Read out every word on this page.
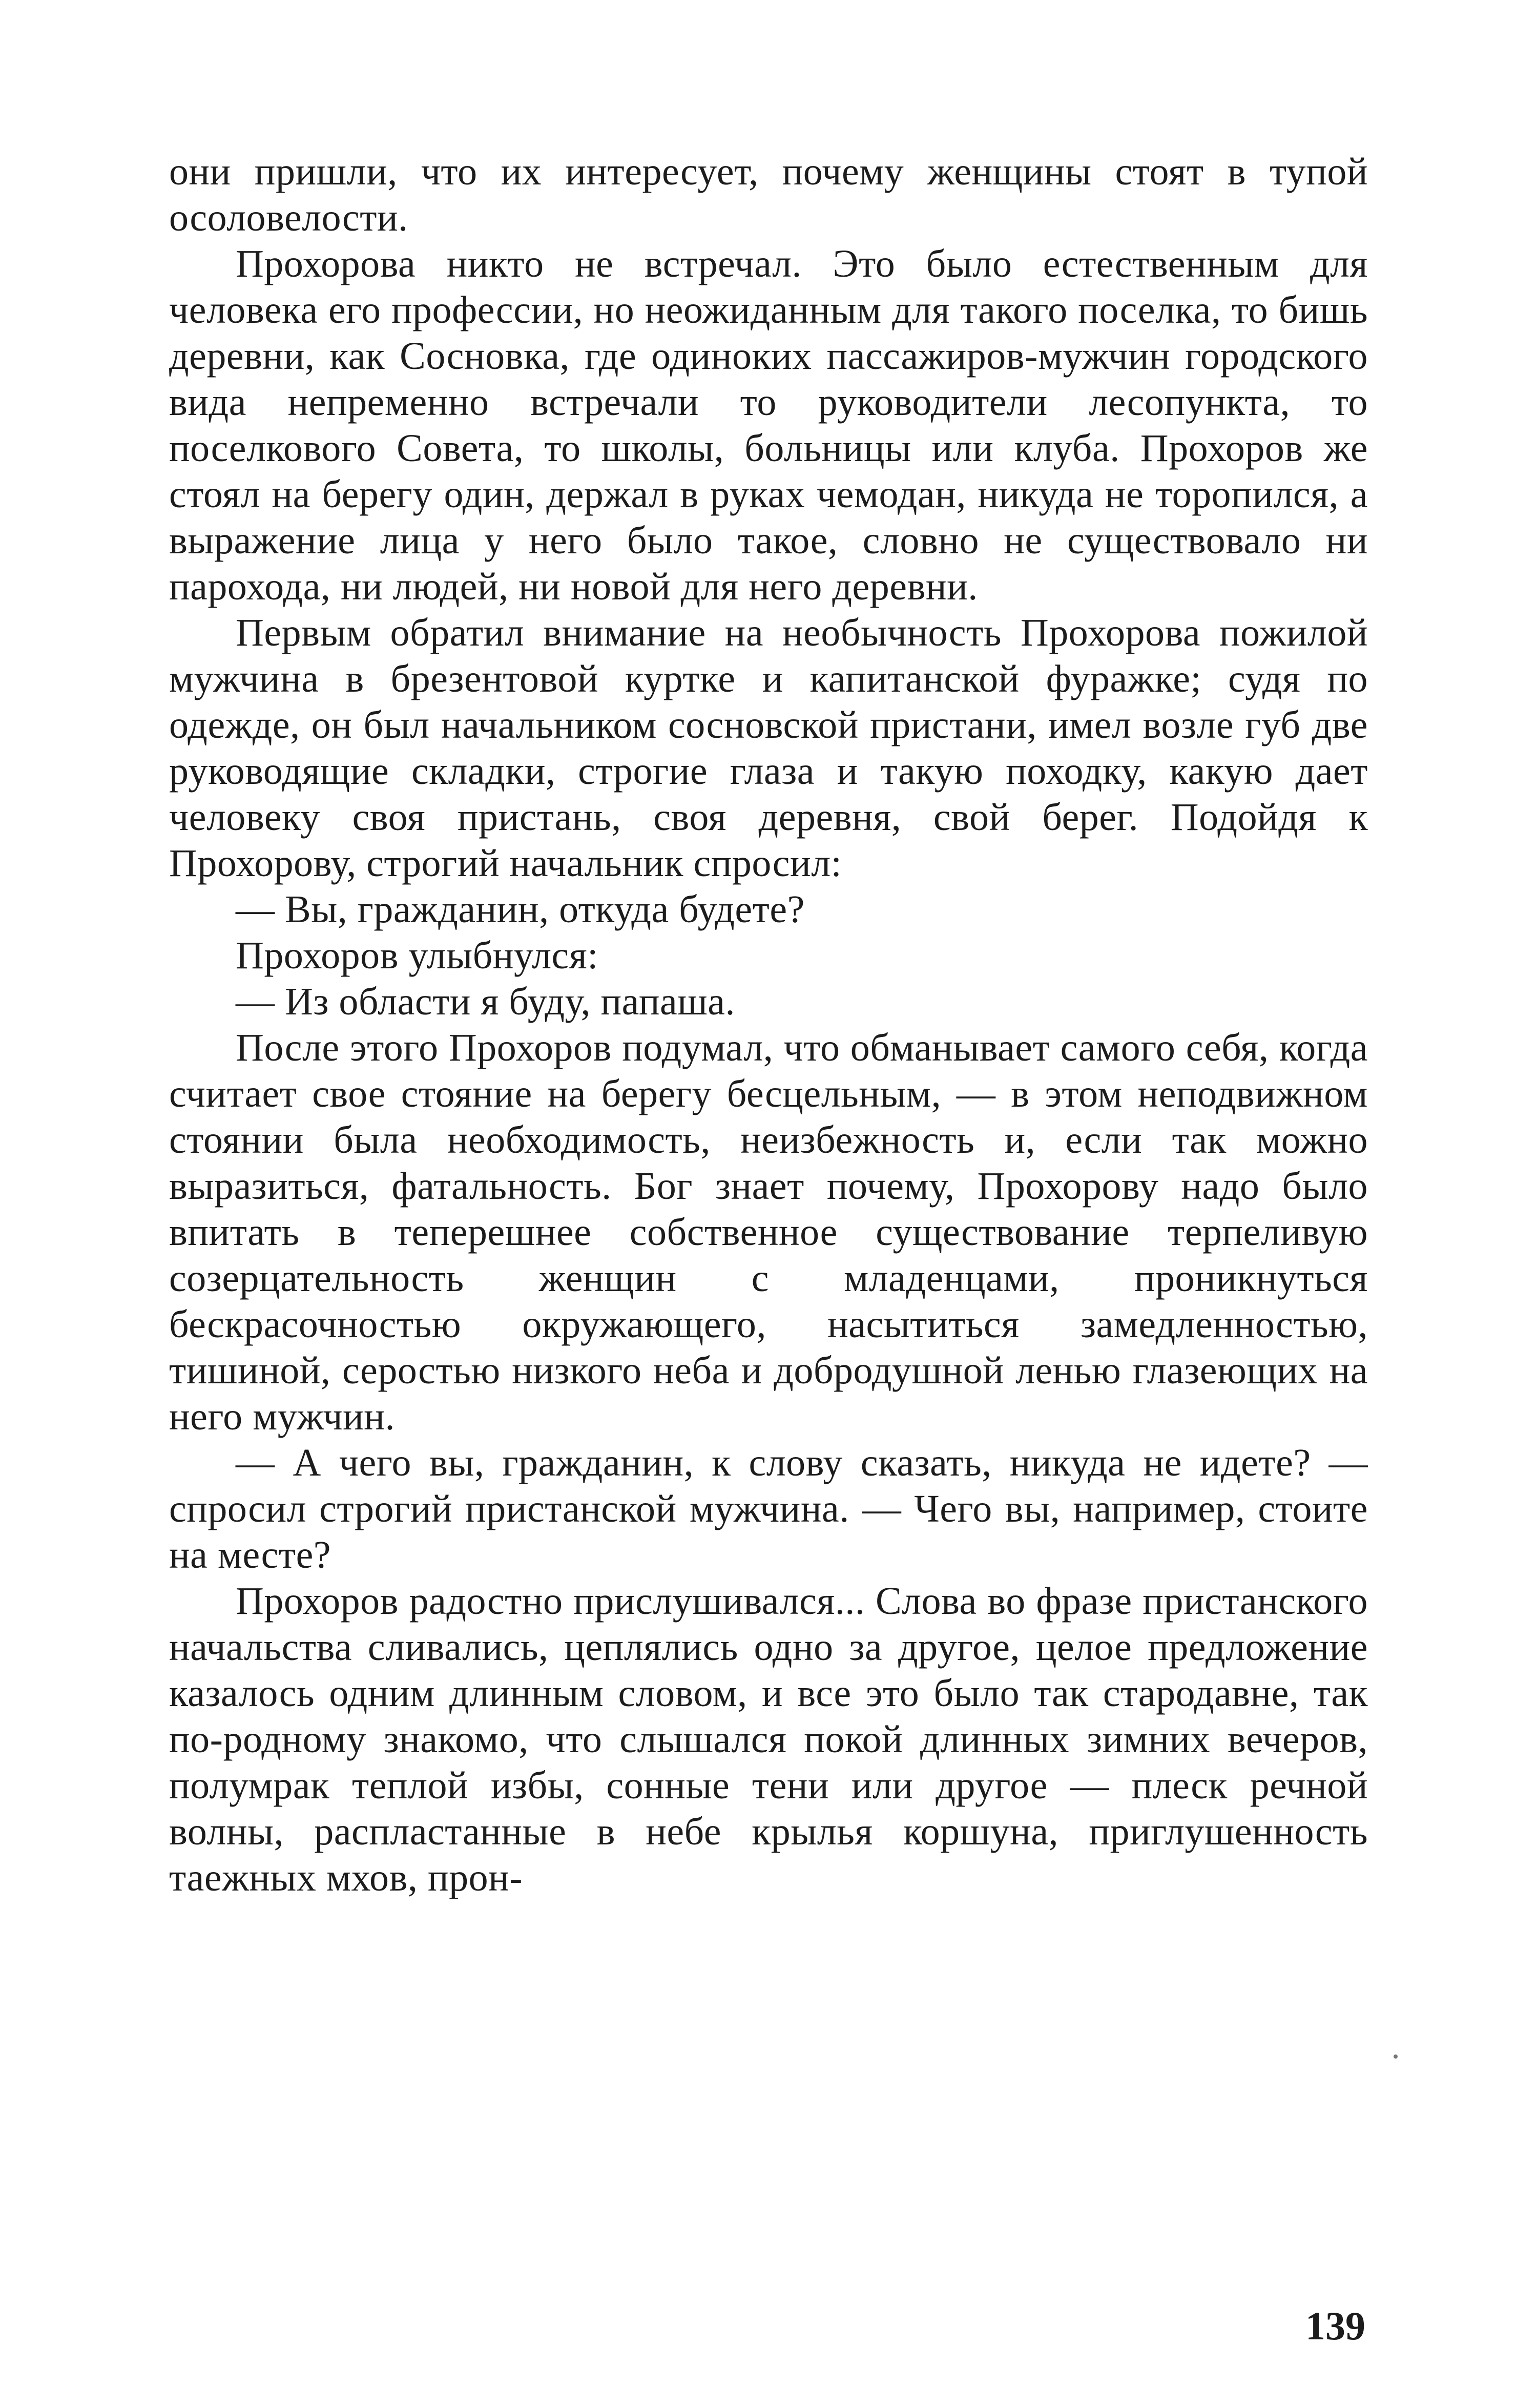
они пришли, что их интересует, почему женщины стоят в тупой осоловелости.

Прохорова никто не встречал. Это было естественным для человека его профессии, но неожиданным для такого поселка, то бишь деревни, как Сосновка, где одиноких пассажиров-мужчин городского вида непременно встречали то руководители лесопункта, то поселкового Совета, то школы, больницы или клуба. Прохоров же стоял на берегу один, держал в руках чемодан, никуда не торопился, а выражение лица у него было такое, словно не существовало ни парохода, ни людей, ни новой для него деревни.

Первым обратил внимание на необычность Прохорова пожилой мужчина в брезентовой куртке и капитанской фуражке; судя по одежде, он был начальником сосновской пристани, имел возле губ две руководящие складки, строгие глаза и такую походку, какую дает человеку своя пристань, своя деревня, свой берег. Подойдя к Прохорову, строгий начальник спросил:

— Вы, гражданин, откуда будете?

Прохоров улыбнулся:

— Из области я буду, папаша.

После этого Прохоров подумал, что обманывает самого себя, когда считает свое стояние на берегу бесцельным, — в этом неподвижном стоянии была необходимость, неизбежность и, если так можно выразиться, фатальность. Бог знает почему, Прохорову надо было впитать в теперешнее собственное существование терпеливую созерцательность женщин с младенцами, проникнуться бескрасочностью окружающего, насытиться замедленностью, тишиной, серостью низкого неба и добродушной ленью глазеющих на него мужчин.

— А чего вы, гражданин, к слову сказать, никуда не идете? — спросил строгий пристанской мужчина. — Чего вы, например, стоите на месте?

Прохоров радостно прислушивался... Слова во фразе пристанского начальства сливались, цеплялись одно за другое, целое предложение казалось одним длинным словом, и все это было так стародавне, так по-родному знакомо, что слышался покой длинных зимних вечеров, полумрак теплой избы, сонные тени или другое — плеск речной волны, распластанные в небе крылья коршуна, приглушенность таежных мхов, прон-

139
